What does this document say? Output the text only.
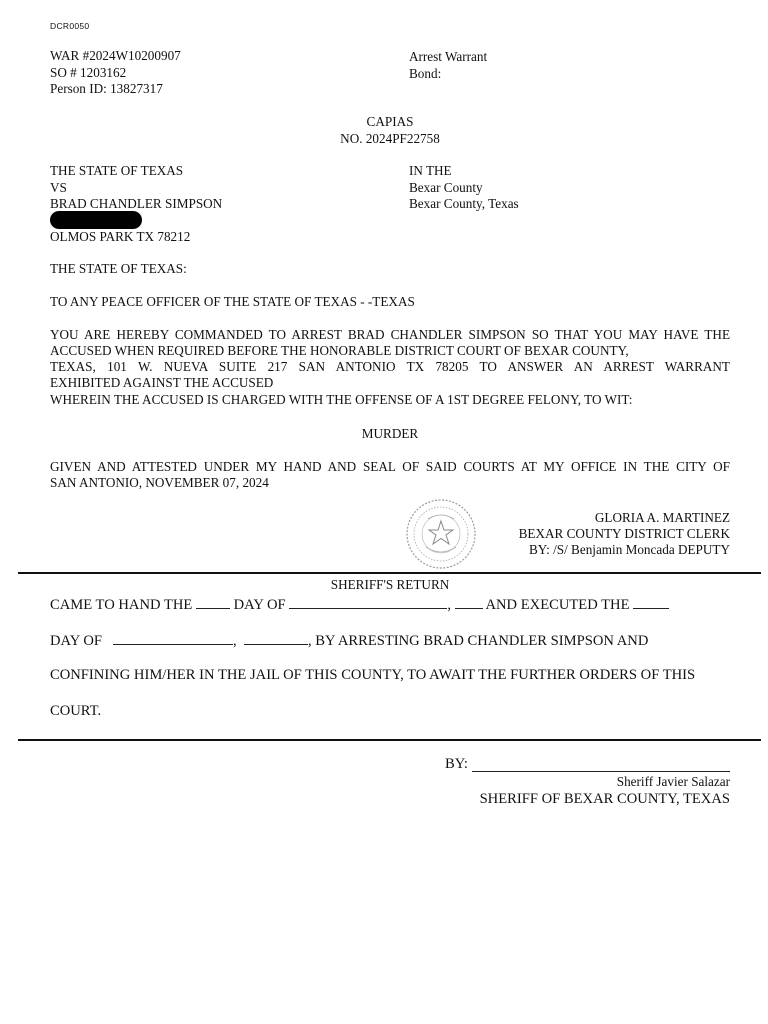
DCR0050
WAR #2024W10200907
SO # 1203162
Person ID: 13827317
Arrest Warrant
Bond:
CAPIAS
NO. 2024PF22758
THE STATE OF TEXAS
VS
BRAD CHANDLER SIMPSON
OLMOS PARK TX 78212
IN THE
Bexar County
Bexar County, Texas
THE STATE OF TEXAS:
TO ANY PEACE OFFICER OF THE STATE OF TEXAS - -TEXAS
YOU ARE HEREBY COMMANDED TO ARREST BRAD CHANDLER SIMPSON SO THAT YOU MAY HAVE THE
ACCUSED WHEN REQUIRED BEFORE THE HONORABLE DISTRICT COURT OF BEXAR COUNTY,
TEXAS, 101 W. NUEVA SUITE 217 SAN ANTONIO TX 78205 TO ANSWER AN ARREST WARRANT
EXHIBITED AGAINST THE ACCUSED
WHEREIN THE ACCUSED IS CHARGED WITH THE OFFENSE OF A 1ST DEGREE FELONY, TO WIT:
MURDER
GIVEN AND ATTESTED UNDER MY HAND AND SEAL OF SAID COURTS AT MY OFFICE IN THE CITY OF
SAN ANTONIO, NOVEMBER 07, 2024
GLORIA A. MARTINEZ
BEXAR COUNTY DISTRICT CLERK
BY: /S/ Benjamin Moncada DEPUTY
SHERIFF'S RETURN
CAME TO HAND THE	DAY OF	, AND EXECUTED THE
DAY OF	,	, BY ARRESTING BRAD CHANDLER SIMPSON AND
CONFINING HIM/HER IN THE JAIL OF THIS COUNTY, TO AWAIT THE FURTHER ORDERS OF THIS
COURT.
BY:
Sheriff Javier Salazar
SHERIFF OF BEXAR COUNTY, TEXAS
